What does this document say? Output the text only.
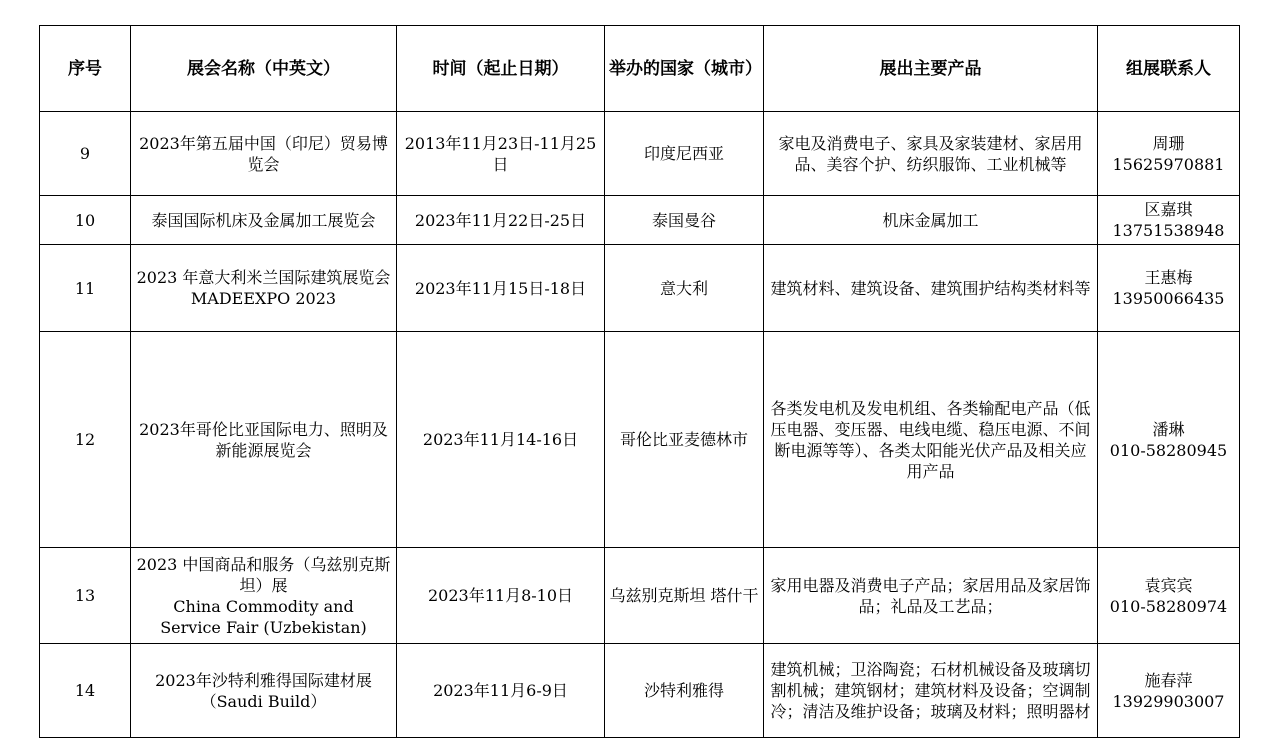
序号	展会名称（中英文）	时间（起止日期）	举办的国家（城市）	展出主要产品	组展联系人
9	2023年第五届中国（印尼）贸易博览会	2013年11月23日-11月25日	印度尼西亚	家电及消费电子、家具及家装建材、家居用品、美容个护、纺织服饰、工业机械等	周珊
15625970881

10	泰国国际机床及金属加工展览会	2023年11月22日-25日	泰国曼谷	机床金属加工	区嘉琪
13751538948

11	2023 年意大利米兰国际建筑展览会 MADEEXPO 2023	2023年11月15日-18日	意大利	建筑材料、建筑设备、建筑围护结构类材料等	王惠梅
13950066435

12	2023年哥伦比亚国际电力、照明及新能源展览会	2023年11月14-16日	哥伦比亚麦德林市	各类发电机及发电机组、各类输配电产品（低压电器、变压器、电线电缆、稳压电源、不间断电源等等）、各类太阳能光伏产品及相关应用产品	潘琳
010-58280945

13	2023 中国商品和服务（乌兹别克斯坦）展
China Commodity and
Service Fair (Uzbekistan)	2023年11月8-10日	乌兹别克斯坦 塔什干	家用电器及消费电子产品；家居用品及家居饰品；礼品及工艺品；	袁宾宾
010-58280974

14	2023年沙特利雅得国际建材展
（Saudi Build）	2023年11月6-9日	沙特利雅得	建筑机械；卫浴陶瓷；石材机械设备及玻璃切割机械；建筑钢材；建筑材料及设备；空调制冷；清洁及维护设备；玻璃及材料；照明器材	施春萍
13929903007
